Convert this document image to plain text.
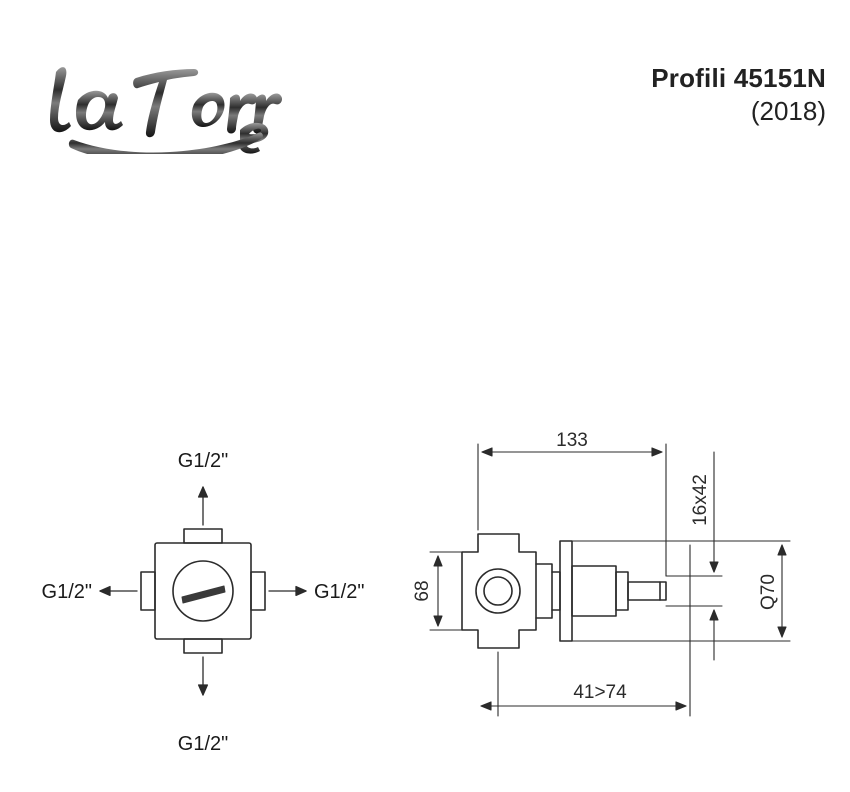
Profili 45151N
(2018)
G1/2"
G1/2"
G1/2"	G1/2"
133
68
16x42
Q70
41>74
